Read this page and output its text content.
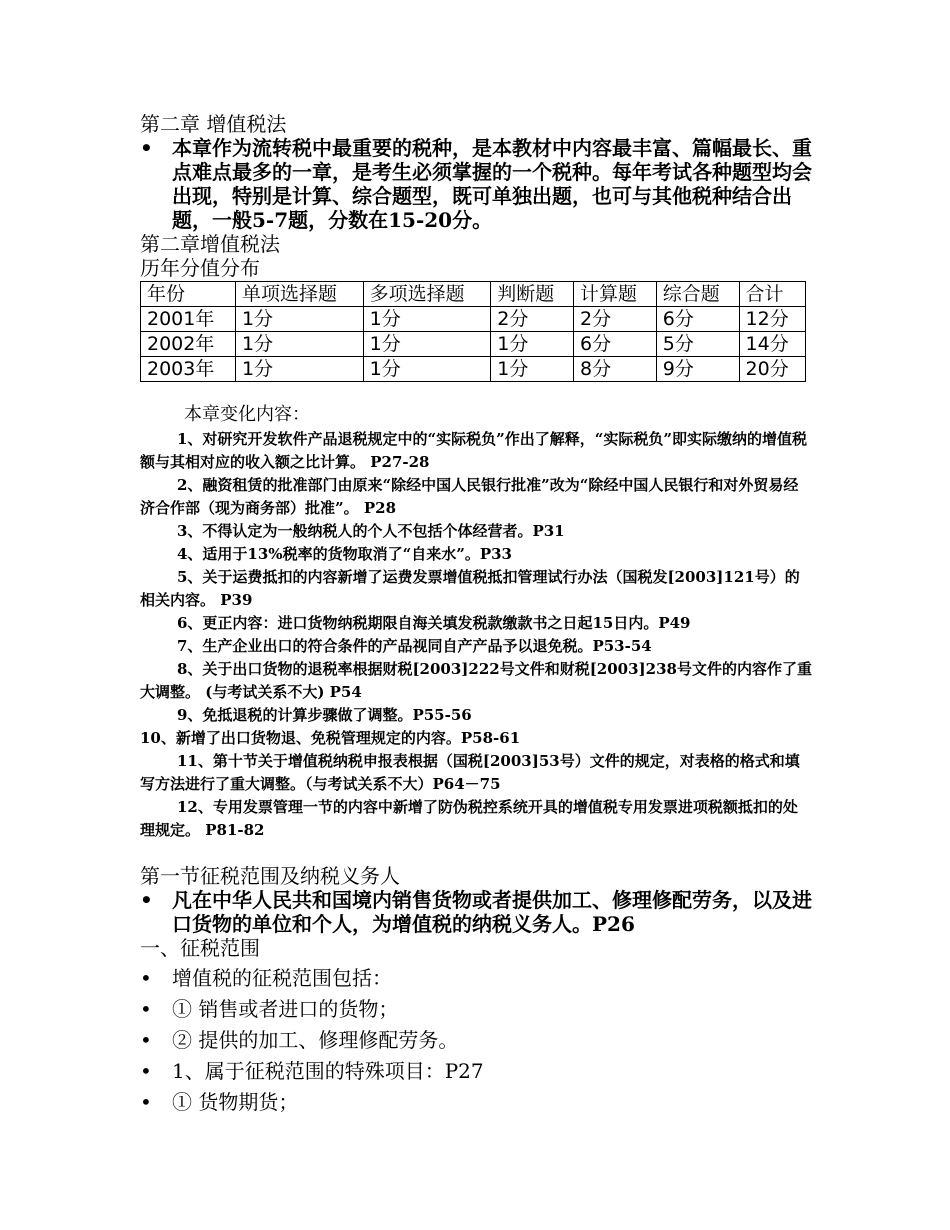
第二章 增值税法

• 本章作为流转税中最重要的税种，是本教材中内容最丰富、篇幅最长、重点难点最多的一章，是考生必须掌握的一个税种。每年考试各种题型均会出现，特别是计算、综合题型，既可单独出题，也可与其他税种结合出题，一般5-7题，分数在15-20分。

第二章增值税法

历年分值分布

年份	单项选择题	多项选择题	判断题	计算题	综合题	合计
2001年	1分	1分	2分	2分	6分	12分
2002年	1分	1分	1分	6分	5分	14分
2003年	1分	1分	1分	8分	9分	20分

本章变化内容：

1、对研究开发软件产品退税规定中的“实际税负”作出了解释，“实际税负”即实际缴纳的增值税额与其相对应的收入额之比计算。 P27-28

2、融资租赁的批准部门由原来“除经中国人民银行批准”改为“除经中国人民银行和对外贸易经济合作部（现为商务部）批准”。 P28

3、不得认定为一般纳税人的个人不包括个体经营者。P31

4、适用于13%税率的货物取消了“自来水”。P33

5、关于运费抵扣的内容新增了运费发票增值税抵扣管理试行办法（国税发[2003]121号）的相关内容。 P39

6、更正内容：进口货物纳税期限自海关填发税款缴款书之日起15日内。P49

7、生产企业出口的符合条件的产品视同自产产品予以退免税。P53-54

8、关于出口货物的退税率根据财税[2003]222号文件和财税[2003]238号文件的内容作了重大调整。 (与考试关系不大) P54

9、免抵退税的计算步骤做了调整。P55-56

10、新增了出口货物退、免税管理规定的内容。P58-61

11、第十节关于增值税纳税申报表根据（国税[2003]53号）文件的规定，对表格的格式和填写方法进行了重大调整。（与考试关系不大）P64－75

12、专用发票管理一节的内容中新增了防伪税控系统开具的增值税专用发票进项税额抵扣的处理规定。 P81-82

第一节征税范围及纳税义务人

• 凡在中华人民共和国境内销售货物或者提供加工、修理修配劳务，以及进口货物的单位和个人，为增值税的纳税义务人。P26

一、征税范围

• 增值税的征税范围包括：
• ① 销售或者进口的货物；
• ② 提供的加工、修理修配劳务。
• 1、属于征税范围的特殊项目：P27
• ① 货物期货；
